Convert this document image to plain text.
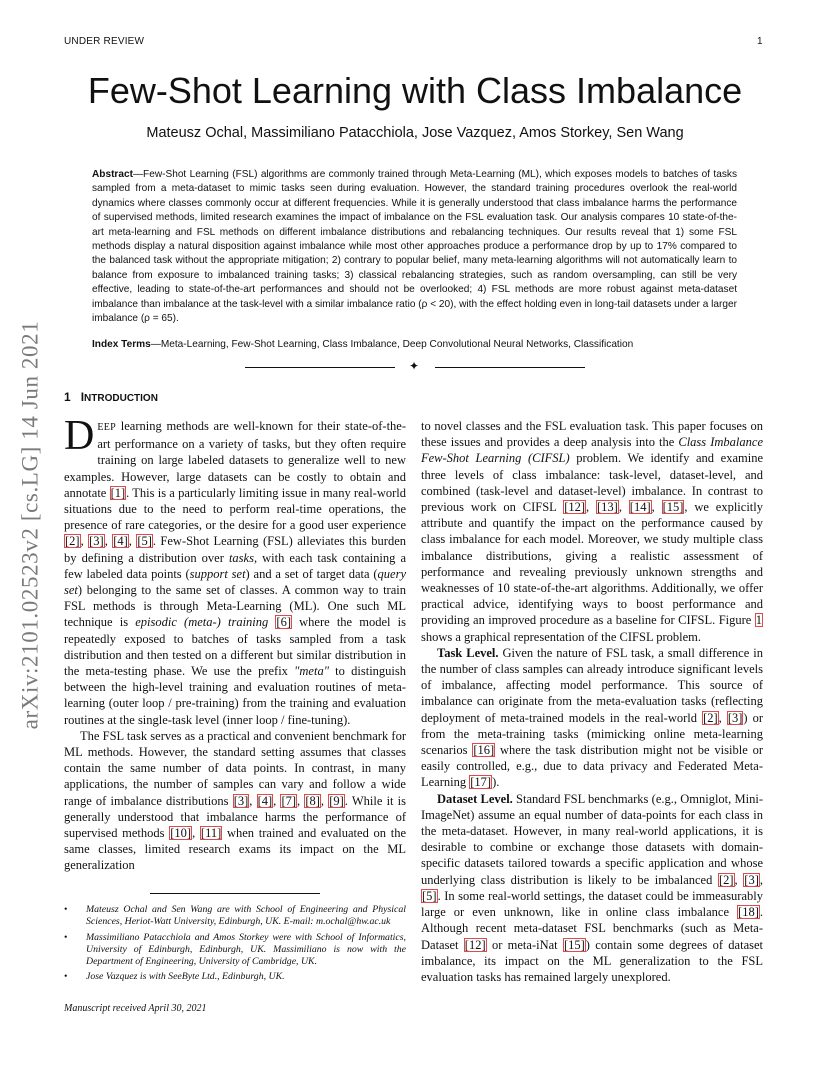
UNDER REVIEW	1
arXiv:2101.02523v2 [cs.LG] 14 Jun 2021
Few-Shot Learning with Class Imbalance
Mateusz Ochal, Massimiliano Patacchiola, Jose Vazquez, Amos Storkey, Sen Wang
Abstract—Few-Shot Learning (FSL) algorithms are commonly trained through Meta-Learning (ML), which exposes models to batches of tasks sampled from a meta-dataset to mimic tasks seen during evaluation. However, the standard training procedures overlook the real-world dynamics where classes commonly occur at different frequencies. While it is generally understood that class imbalance harms the performance of supervised methods, limited research examines the impact of imbalance on the FSL evaluation task. Our analysis compares 10 state-of-the-art meta-learning and FSL methods on different imbalance distributions and rebalancing techniques. Our results reveal that 1) some FSL methods display a natural disposition against imbalance while most other approaches produce a performance drop by up to 17% compared to the balanced task without the appropriate mitigation; 2) contrary to popular belief, many meta-learning algorithms will not automatically learn to balance from exposure to imbalanced training tasks; 3) classical rebalancing strategies, such as random oversampling, can still be very effective, leading to state-of-the-art performances and should not be overlooked; 4) FSL methods are more robust against meta-dataset imbalance than imbalance at the task-level with a similar imbalance ratio (ρ < 20), with the effect holding even in long-tail datasets under a larger imbalance (ρ = 65).
Index Terms—Meta-Learning, Few-Shot Learning, Class Imbalance, Deep Convolutional Neural Networks, Classification
✦
1 INTRODUCTION

DEEP learning methods are well-known for their state-of-the-art performance on a variety of tasks, but they often require training on large labeled datasets to generalize well to new examples. However, large datasets can be costly to obtain and annotate [1]. This is a particularly limiting issue in many real-world situations due to the need to perform real-time operations, the presence of rare categories, or the desire for a good user experience [2], [3], [4], [5]. Few-Shot Learning (FSL) alleviates this burden by defining a distribution over tasks, with each task containing a few labeled data points (support set) and a set of target data (query set) belonging to the same set of classes. A common way to train FSL methods is through Meta-Learning (ML). One such ML technique is episodic (meta-) training [6] where the model is repeatedly exposed to batches of tasks sampled from a task distribution and then tested on a different but similar distribution in the meta-testing phase. We use the prefix "meta" to distinguish between the high-level training and evaluation routines of meta-learning (outer loop / pre-training) from the training and evaluation routines at the single-task level (inner loop / fine-tuning).

The FSL task serves as a practical and convenient benchmark for ML methods. However, the standard setting assumes that classes contain the same number of data points. In contrast, in many applications, the number of samples can vary and follow a wide range of imbalance distributions [3], [4], [7], [8], [9]. While it is generally understood that imbalance harms the performance of supervised methods [10], [11] when trained and evaluated on the same classes, limited research exams its impact on the ML generalization

to novel classes and the FSL evaluation task. This paper focuses on these issues and provides a deep analysis into the Class Imbalance Few-Shot Learning (CIFSL) problem. We identify and examine three levels of class imbalance: task-level, dataset-level, and combined (task-level and dataset-level) imbalance. In contrast to previous work on CIFSL [12], [13], [14], [15], we explicitly attribute and quantify the impact on the performance caused by class imbalance for each model. Moreover, we study multiple class imbalance distributions, giving a realistic assessment of performance and revealing previously unknown strengths and weaknesses of 10 state-of-the-art algorithms. Additionally, we offer practical advice, identifying ways to boost performance and providing an improved procedure as a baseline for CIFSL. Figure 1 shows a graphical representation of the CIFSL problem.

Task Level. Given the nature of FSL task, a small difference in the number of class samples can already introduce significant levels of imbalance, affecting model performance. This source of imbalance can originate from the meta-evaluation tasks (reflecting deployment of meta-trained models in the real-world [2], [3]) or from the meta-training tasks (mimicking online meta-learning scenarios [16] where the task distribution might not be visible or easily controlled, e.g., due to data privacy and Federated Meta-Learning [17]).

Dataset Level. Standard FSL benchmarks (e.g., Omniglot, Mini-ImageNet) assume an equal number of data-points for each class in the meta-dataset. However, in many real-world applications, it is desirable to combine or exchange those datasets with domain-specific datasets tailored towards a specific application and whose underlying class distribution is likely to be imbalanced [2], [3], [5]. In some real-world settings, the dataset could be immeasurably large or even unknown, like in online class imbalance [18]. Although recent meta-dataset FSL benchmarks (such as Meta-Dataset [12] or meta-iNat [15]) contain some degrees of dataset imbalance, its impact on the ML generalization to the FSL evaluation tasks has remained largely unexplored.

• Mateusz Ochal and Sen Wang are with School of Engineering and Physical Sciences, Heriot-Watt University, Edinburgh, UK. E-mail: m.ochal@hw.ac.uk
• Massimiliano Patacchiola and Amos Storkey were with School of Informatics, University of Edinburgh, Edinburgh, UK. Massimiliano is now with the Department of Engineering, University of Cambridge, UK.
• Jose Vazquez is with SeeByte Ltd., Edinburgh, UK.
Manuscript received April 30, 2021
